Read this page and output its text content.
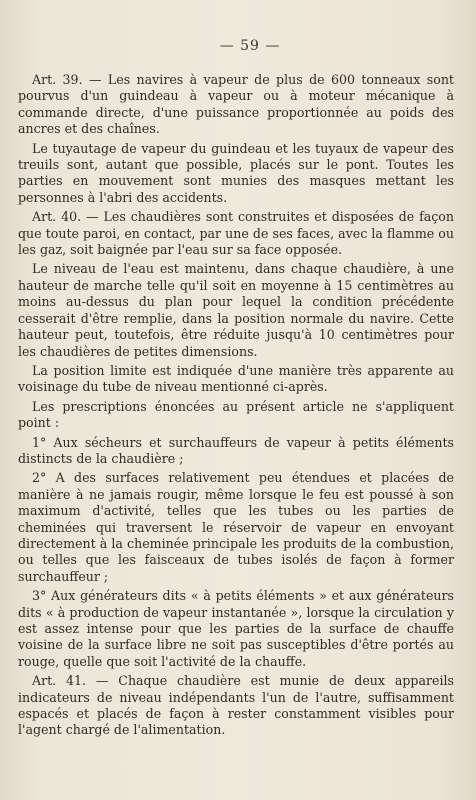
— 59 —

Art. 39. — Les navires à vapeur de plus de 600 tonneaux sont pourvus d'un guindeau à vapeur ou à moteur mécanique à commande directe, d'une puissance proportionnée au poids des ancres et des chaînes.

Le tuyautage de vapeur du guindeau et les tuyaux de vapeur des treuils sont, autant que possible, placés sur le pont. Toutes les parties en mouvement sont munies des masques mettant les personnes à l'abri des accidents.

Art. 40. — Les chaudières sont construites et disposées de façon que toute paroi, en contact, par une de ses faces, avec la flamme ou les gaz, soit baignée par l'eau sur sa face opposée.

Le niveau de l'eau est maintenu, dans chaque chaudière, à une hauteur de marche telle qu'il soit en moyenne à 15 centimètres au moins au-dessus du plan pour lequel la condition précédente cesserait d'être remplie, dans la position normale du navire. Cette hauteur peut, toutefois, être réduite jusqu'à 10 centimètres pour les chaudières de petites dimensions.

La position limite est indiquée d'une manière très apparente au voisinage du tube de niveau mentionné ci-après.

Les prescriptions énoncées au présent article ne s'appliquent point :

1° Aux sécheurs et surchauffeurs de vapeur à petits éléments distincts de la chaudière ;

2° A des surfaces relativement peu étendues et placées de manière à ne jamais rougir, même lorsque le feu est poussé à son maximum d'activité, telles que les tubes ou les parties de cheminées qui traversent le réservoir de vapeur en envoyant directement à la cheminée principale les produits de la combustion, ou telles que les faisceaux de tubes isolés de façon à former surchauffeur ;

3° Aux générateurs dits « à petits éléments » et aux générateurs dits « à production de vapeur instantanée », lorsque la circulation y est assez intense pour que les parties de la surface de chauffe voisine de la surface libre ne soit pas susceptibles d'être portés au rouge, quelle que soit l'activité de la chauffe.

Art. 41. — Chaque chaudière est munie de deux appareils indicateurs de niveau indépendants l'un de l'autre, suffisamment espacés et placés de façon à rester constamment visibles pour l'agent chargé de l'alimentation.
